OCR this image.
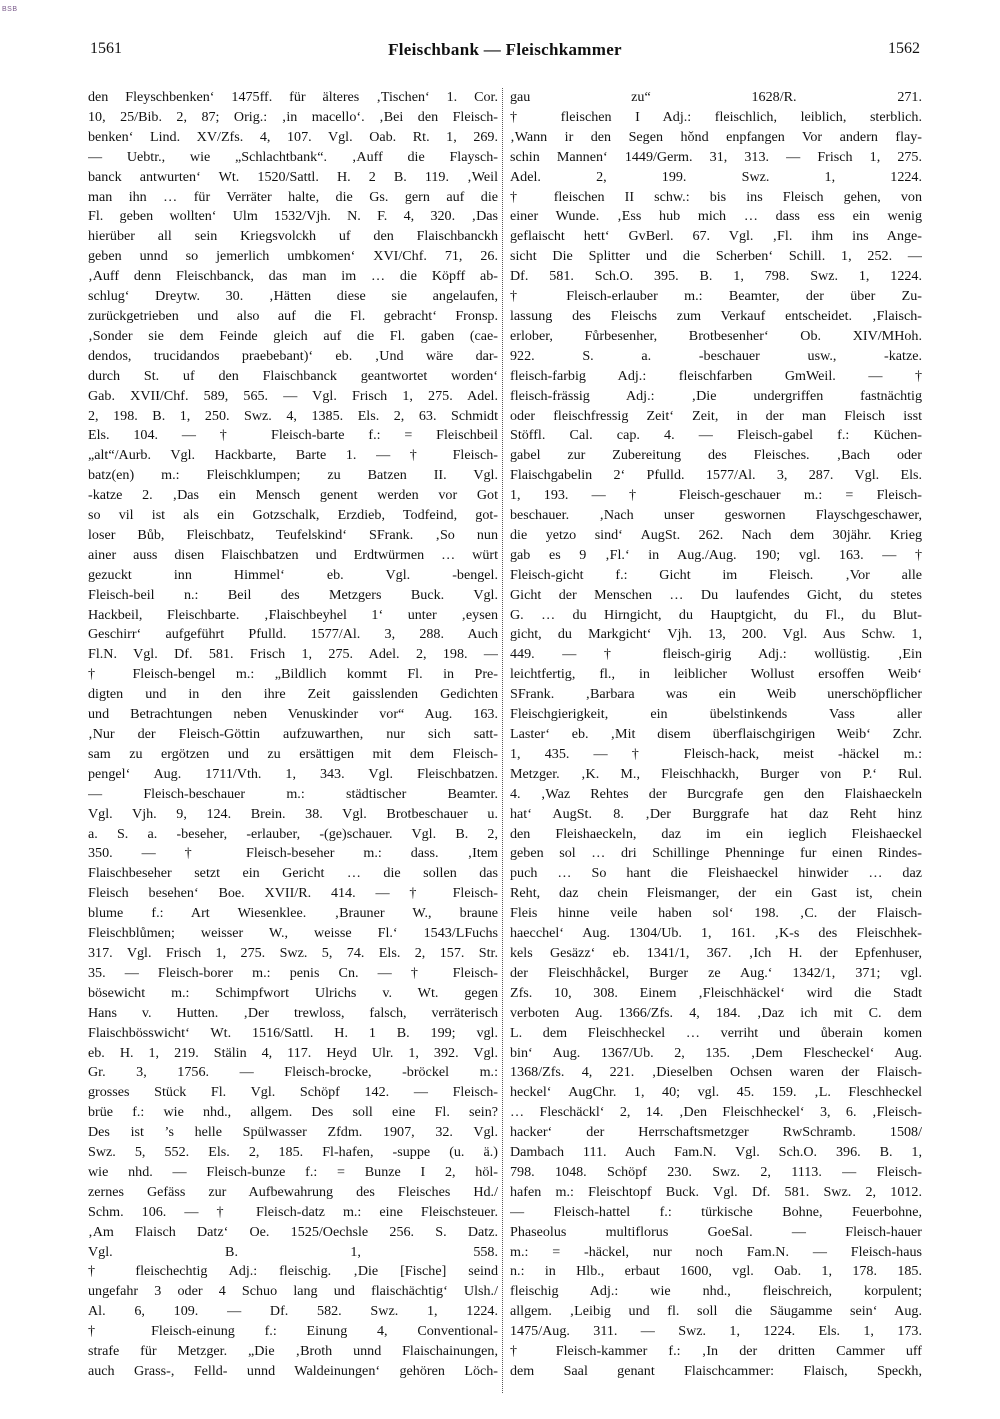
BSB
1561	Fleischbank — Fleischkammer	1562
den Fleyschbenken‘ 1475ff. für älteres ‚Tischen‘ 1. Cor.
10, 25/Bib. 2, 87; Orig.: ‚in macello‘. ‚Bei den Fleisch-
benken‘ Lind. XV/Zfs. 4, 107. Vgl. Oab. Rt. 1, 269.
— Uebtr., wie „Schlachtbank“. ‚Auff die Flaysch-
banck antwurten‘ Wt. 1520/Sattl. H. 2 B. 119. ‚Weil
man ihn … für Verräter halte, die Gs. gern auf die
Fl. geben wollten‘ Ulm 1532/Vjh. N. F. 4, 320. ‚Das
hierüber all sein Kriegsvolckh uf den Flaischbanckh
geben unnd so jemerlich umbkomen‘ XVI/Chf. 71, 26.
‚Auff denn Fleischbanck, das man im … die Köpff ab-
schlug‘ Dreytw. 30. ‚Hätten diese sie angelaufen,
zurückgetrieben und also auf die Fl. gebracht‘ Fronsp.
‚Sonder sie dem Feinde gleich auf die Fl. gaben (cae-
dendos, trucidandos praebebant)‘ eb. ‚Und wäre dar-
durch St. uf den Flaischbanck geantwortet worden‘
Gab. XVII/Chf. 589, 565. — Vgl. Frisch 1, 275. Adel.
2, 198. B. 1, 250. Swz. 4, 1385. Els. 2, 63. Schmidt
Els. 104. — † Fleisch-barte f.: = Fleischbeil
„alt“/Aurb. Vgl. Hackbarte, Barte 1. — † Fleisch-
batz(en) m.: Fleischklumpen; zu Batzen II. Vgl.
-katze 2. ‚Das ein Mensch genent werden vor Got
so vil ist als ein Gotzschalk, Erzdieb, Todfeind, got-
loser Bůb, Fleischbatz, Teufelskind‘ SFrank. ‚So nun
ainer auss disen Flaischbatzen und Erdtwürmen … würt
gezuckt inn Himmel‘ eb. Vgl. -bengel.
Fleisch-beil n.: Beil des Metzgers Buck. Vgl.
Hackbeil, Fleischbarte. ‚Flaischbeyhel 1‘ unter ‚eysen
Geschirr‘ aufgeführt Pfulld. 1577/Al. 3, 288. Auch
Fl.N. Vgl. Df. 581. Frisch 1, 275. Adel. 2, 198. —
† Fleisch-bengel m.: „Bildlich kommt Fl. in Pre-
digten und in den ihre Zeit gaisslenden Gedichten
und Betrachtungen neben Venuskinder vor“ Aug. 163.
‚Nur der Fleisch-Göttin aufzuwarthen, nur sich satt-
sam zu ergötzen und zu ersättigen mit dem Fleisch-
pengel‘ Aug. 1711/Vth. 1, 343. Vgl. Fleischbatzen.
— Fleisch-beschauer m.: städtischer Beamter.
Vgl. Vjh. 9, 124. Brein. 38. Vgl. Brotbeschauer u.
a. S. a. -beseher, -erlauber, -(ge)schauer. Vgl. B. 2,
350. — † Fleisch-beseher m.: dass. ‚Item
Flaischbeseher setzt ein Gericht … die sollen das
Fleisch besehen‘ Boe. XVII/R. 414. — † Fleisch-
blume f.: Art Wiesenklee. ‚Brauner W., braune
Fleischblůmen; weisser W., weisse Fl.‘ 1543/LFuchs
317. Vgl. Frisch 1, 275. Swz. 5, 74. Els. 2, 157. Str.
35. — Fleisch-borer m.: penis Cn. — † Fleisch-
bösewicht m.: Schimpfwort Ulrichs v. Wt. gegen
Hans v. Hutten. ‚Der trewloss, falsch, verräterisch
Flaischbösswicht‘ Wt. 1516/Sattl. H. 1 B. 199; vgl.
eb. H. 1, 219. Stälin 4, 117. Heyd Ulr. 1, 392. Vgl.
Gr. 3, 1756. — Fleisch-brocke, -bröckel m.:
grosses Stück Fl. Vgl. Schöpf 142. — Fleisch-
brüe f.: wie nhd., allgem. Des soll eine Fl. sein?
Des ist ’s helle Spülwasser Zfdm. 1907, 32. Vgl.
Swz. 5, 552. Els. 2, 185. Fl-hafen, -suppe (u. ä.)
wie nhd. — Fleisch-bunze f.: = Bunze I 2, höl-
zernes Gefäss zur Aufbewahrung des Fleisches Hd./
Schm. 106. — † Fleisch-datz m.: eine Fleischsteuer.
‚Am Flaisch Datz‘ Oe. 1525/Oechsle 256. S. Datz.
Vgl. B. 1, 558.
† fleischechtig Adj.: fleischig. ‚Die [Fische] seind
ungefahr 3 oder 4 Schuo lang und flaischächtig‘ Ulsh./
Al. 6, 109. — Df. 582. Swz. 1, 1224.
† Fleisch-einung f.: Einung 4, Conventional-
strafe für Metzger. „Die ‚Broth unnd Flaischainungen,
auch Grass-, Felld- unnd Waldeinungen‘ gehören Löch-
gau zu“ 1628/R. 271.
† fleischen I Adj.: fleischlich, leiblich, sterblich.
‚Wann ir den Segen hǒnd enpfangen Vor andern flay-
schin Mannen‘ 1449/Germ. 31, 313. — Frisch 1, 275.
Adel. 2, 199. Swz. 1, 1224.
† fleischen II schw.: bis ins Fleisch gehen, von
einer Wunde. ‚Ess hub mich … dass ess ein wenig
geflaischt hett‘ GvBerl. 67. Vgl. ‚Fl. ihm ins Ange-
sicht Die Splitter und die Scherben‘ Schill. 1, 252. —
Df. 581. Sch.O. 395. B. 1, 798. Swz. 1, 1224.
† Fleisch-erlauber m.: Beamter, der über Zu-
lassung des Fleischs zum Verkauf entscheidet. ‚Flaisch-
erlober, Fůrbesenher, Brotbesenher‘ Ob. XIV/MHoh.
922. S. a. -beschauer usw., -katze.
fleisch-farbig Adj.: fleischfarben GmWeil. — †
fleisch-frässig Adj.: ‚Die undergriffen fastnächtig
oder fleischfressig Zeit‘ Zeit, in der man Fleisch isst
Stöffl. Cal. cap. 4. — Fleisch-gabel f.: Küchen-
gabel zur Zubereitung des Fleisches. ‚Bach oder
Flaischgabelin 2‘ Pfulld. 1577/Al. 3, 287. Vgl. Els.
1, 193. — † Fleisch-geschauer m.: = Fleisch-
beschauer. ‚Nach unser geswornen Flayschgeschawer,
die yetzo sind‘ AugSt. 262. Nach dem 30jähr. Krieg
gab es 9 ‚Fl.‘ in Aug./Aug. 190; vgl. 163. — †
Fleisch-gicht f.: Gicht im Fleisch. ‚Vor alle
Gicht der Menschen … Du laufendes Gicht, du stetes
G. … du Hirngicht, du Hauptgicht, du Fl., du Blut-
gicht, du Markgicht‘ Vjh. 13, 200. Vgl. Aus Schw. 1,
449. — † fleisch-girig Adj.: wollüstig. ‚Ein
leichtfertig, fl., in leiblicher Wollust ersoffen Weib‘
SFrank. ‚Barbara was ein Weib unerschöpflicher
Fleischgierigkeit, ein übelstinkends Vass aller
Laster‘ eb. ‚Mit disem überflaischgirigen Weib‘ Zchr.
1, 435. — † Fleisch-hack, meist -häckel m.:
Metzger. ‚K. M., Fleischhackh, Burger von P.‘ Rul.
4. ‚Waz Rehtes der Burcgrafe gen den Flaishaeckeln
hat‘ AugSt. 8. ‚Der Burggrafe hat daz Reht hinz
den Fleishaeckeln, daz im ein ieglich Fleishaeckel
geben sol … dri Schillinge Phenninge fur einen Rindes-
puch … So hant die Fleishaeckel hinwider … daz
Reht, daz chein Fleismanger, der ein Gast ist, chein
Fleis hinne veile haben sol‘ 198. ‚C. der Flaisch-
haecchel‘ Aug. 1304/Ub. 1, 161. ‚K-s des Fleischhek-
kels Gesäzz‘ eb. 1341/1, 367. ‚Ich H. der Epfenhuser,
der Fleischhåckel, Burger ze Aug.‘ 1342/1, 371; vgl.
Zfs. 10, 308. Einem ‚Fleischhäckel‘ wird die Stadt
verboten Aug. 1366/Zfs. 4, 184. ‚Daz ich mit C. dem
L. dem Fleischheckel … verriht und ůberain komen
bin‘ Aug. 1367/Ub. 2, 135. ‚Dem Flescheckel‘ Aug.
1368/Zfs. 4, 221. ‚Dieselben Ochsen waren der Flaisch-
heckel‘ AugChr. 1, 40; vgl. 45. 159. ‚L. Fleschheckel
… Fleschäckl‘ 2, 14. ‚Den Fleischheckel‘ 3, 6. ‚Fleisch-
hacker‘ der Herrschaftsmetzger RwSchramb. 1508/
Dambach 111. Auch Fam.N. Vgl. Sch.O. 396. B. 1,
798. 1048. Schöpf 230. Swz. 2, 1113. — Fleisch-
hafen m.: Fleischtopf Buck. Vgl. Df. 581. Swz. 2, 1012.
— Fleisch-hattel f.: türkische Bohne, Feuerbohne,
Phaseolus multiflorus GoeSal. — Fleisch-hauer
m.: = -häckel, nur noch Fam.N. — Fleisch-haus
n.: in Hlb., erbaut 1600, vgl. Oab. 1, 178. 185.
fleischig Adj.: wie nhd., fleischreich, korpulent;
allgem. ‚Leibig und fl. soll die Säugamme sein‘ Aug.
1475/Aug. 311. — Swz. 1, 1224. Els. 1, 173.
† Fleisch-kammer f.: ‚In der dritten Cammer uff
dem Saal genant Flaischcammer: Flaisch, Speckh,
